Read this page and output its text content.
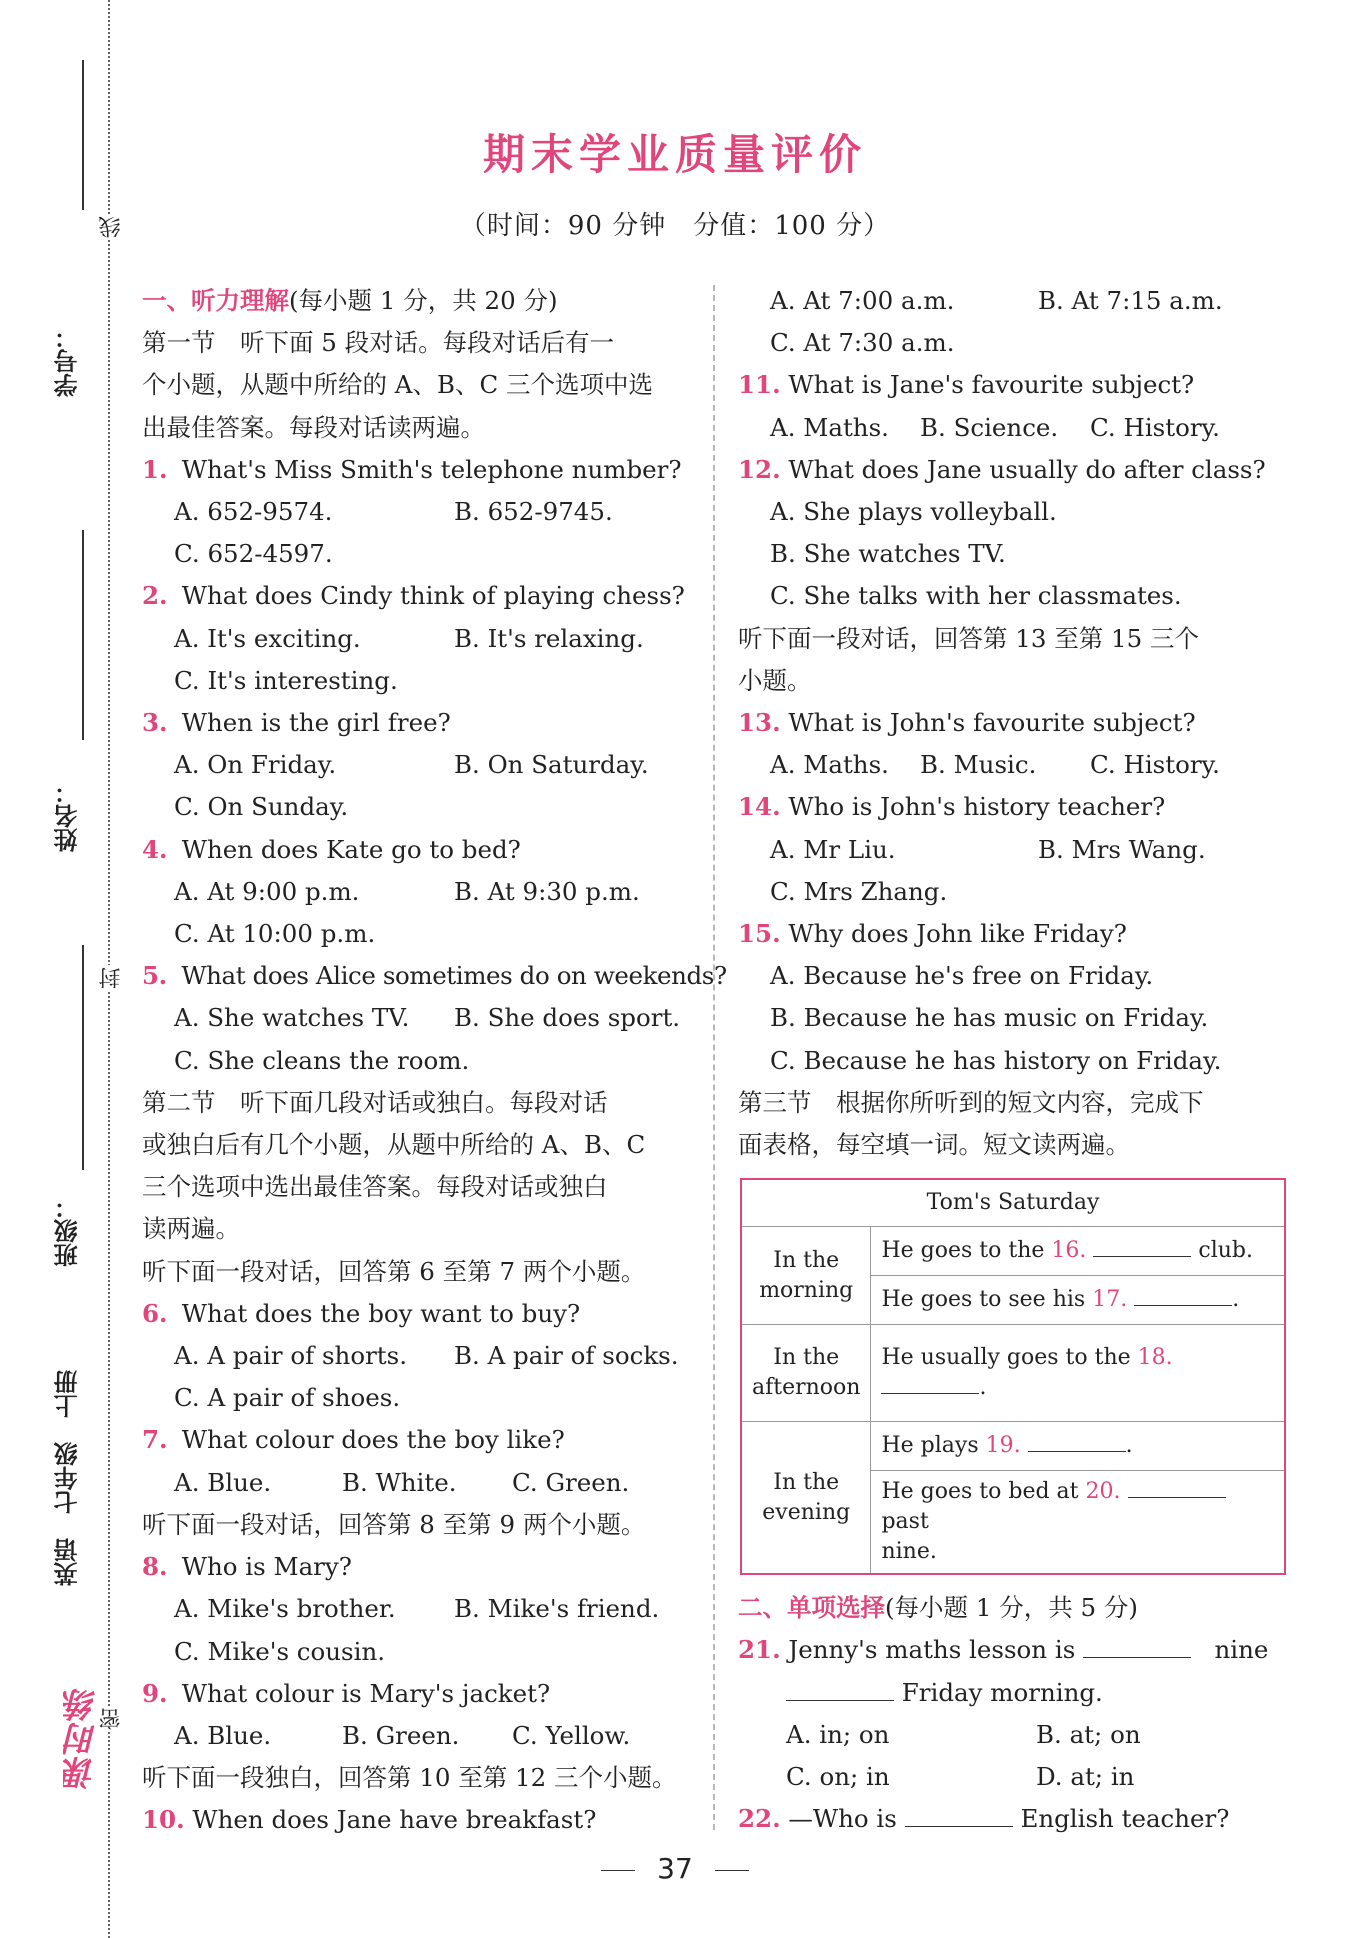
学号：
姓名：
班级：
英语　七年级　上册
线
封
密
课时练
期末学业质量评价
（时间：90 分钟　分值：100 分）
一、听力理解(每小题 1 分，共 20 分)
第一节　听下面 5 段对话。每段对话后有一
个小题，从题中所给的 A、B、C 三个选项中选
出最佳答案。每段对话读两遍。
1. What's Miss Smith's telephone number?
A. 652-9574.	B. 652-9745.
C. 652-4597.
2. What does Cindy think of playing chess?
A. It's exciting.	B. It's relaxing.
C. It's interesting.
3. When is the girl free?
A. On Friday.	B. On Saturday.
C. On Sunday.
4. When does Kate go to bed?
A. At 9:00 p.m.	B. At 9:30 p.m.
C. At 10:00 p.m.
5. What does Alice sometimes do on weekends?
A. She watches TV. B. She does sport.
C. She cleans the room.
第二节　听下面几段对话或独白。每段对话
或独白后有几个小题，从题中所给的 A、B、C
三个选项中选出最佳答案。每段对话或独白
读两遍。
听下面一段对话，回答第 6 至第 7 两个小题。
6. What does the boy want to buy?
A. A pair of shorts. B. A pair of socks.
C. A pair of shoes.
7. What colour does the boy like?
A. Blue.	B. White. C. Green.
听下面一段对话，回答第 8 至第 9 两个小题。
8. Who is Mary?
A. Mike's brother. B. Mike's friend.
C. Mike's cousin.
9. What colour is Mary's jacket?
A. Blue.	B. Green. C. Yellow.
听下面一段独白，回答第 10 至第 12 三个小题。
10. When does Jane have breakfast?
A. At 7:00 a.m.	B. At 7:15 a.m.
C. At 7:30 a.m.
11. What is Jane's favourite subject?
A. Maths. B. Science. C. History.
12. What does Jane usually do after class?
A. She plays volleyball.
B. She watches TV.
C. She talks with her classmates.
听下面一段对话，回答第 13 至第 15 三个
小题。
13. What is John's favourite subject?
A. Maths. B. Music. C. History.
14. Who is John's history teacher?
A. Mr Liu.	B. Mrs Wang.
C. Mrs Zhang.
15. Why does John like Friday?
A. Because he's free on Friday.
B. Because he has music on Friday.
C. Because he has history on Friday.
第三节　根据你所听到的短文内容，完成下
面表格，每空填一词。短文读两遍。
Tom's Saturday	
In the morning	He goes to the 16. club.
	He goes to see his 17. .
In the afternoon	He usually goes to the 18. .
In the evening	He plays 19. .
	He goes to bed at 20.  past
nine.
二、单项选择(每小题 1 分，共 5 分)
21. Jenny's maths lesson is	nine
Friday morning.
A. in; on	B. at; on
C. on; in	D. at; in
22. —Who is	English teacher?
37
